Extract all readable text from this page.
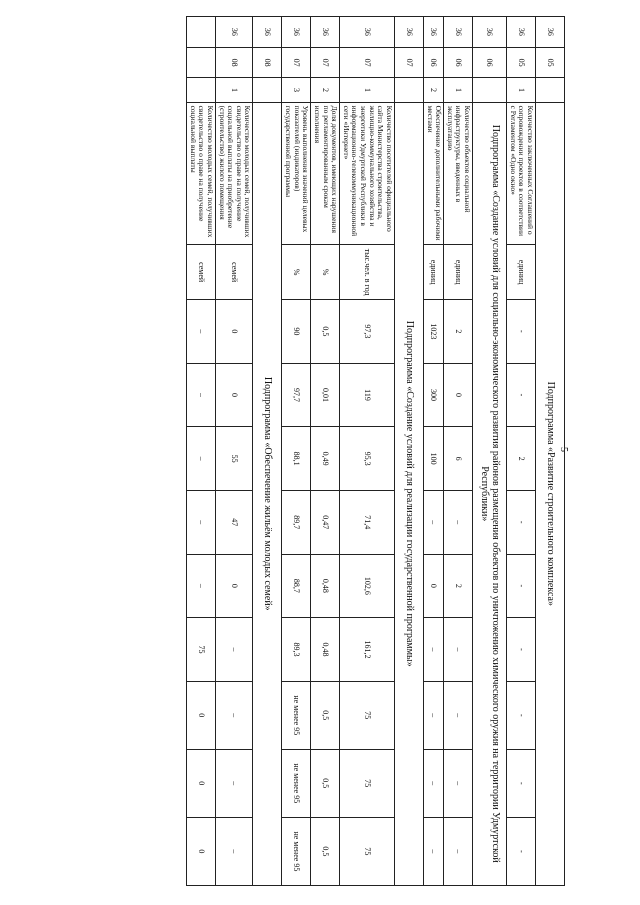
5
36	05		Подпрограмма «Развитие строительного комплекса»										
36	05	1	Количество заключенных Соглашений о сопровождении проектов в соответствии с Регламентом «Одно окно»	единиц	-	-	2	-	-	-	-	-	-
36	06		Подпрограмма «Создание условий для социально-экономического развития районов размещения объектов по уничтожению химического оружия на территории Удмуртской Республики»										
36	06	1	Количество объектов социальной инфраструктуры, введенных в эксплуатацию	единиц	2	0	6	–	2	–	–	–	–
36	06	2	Обеспечение дополнительными рабочими местами	единиц	1023	300	100	–	0	–	–	–	–
36	07		Подпрограмма «Создание условий для реализации государственной программы»										
36	07	1	Количество посетителей официального сайта Министерства строительства, жилищно-коммунального хозяйства и энергетики Удмуртской Республики в информационно-телекоммуникационной сети «Интернет»	тыс.чел. в год	97,3	119	95,3	71,4	102,6	161,2	75	75	75
36	07	2	Доля документов, имеющих нарушения по регламентированным срокам исполнения	%	0,5	0,01	0,49	0,47	0,48	0,48	0,5	0,5	0,5
36	07	3	Уровень выполнения значений целевых показателей (индикаторов) государственной программы	%	90	97,7	88,1	89,7	88,7	89,3	не менее 95	не менее 95	не менее 95
36	08		Подпрограмма «Обеспечение жильём молодых семей»										
36	08	1	Количество молодых семей, получивших свидетельство о праве на получение социальной выплаты на приобретение (строительство) жилого помещения	семей	0	0	55	47	0	–	–	–	–
			Количество молодых семей, получивших свидетельство о праве на получение социальной выплаты	семей	–	–	–	–	–	75	0	0	0
